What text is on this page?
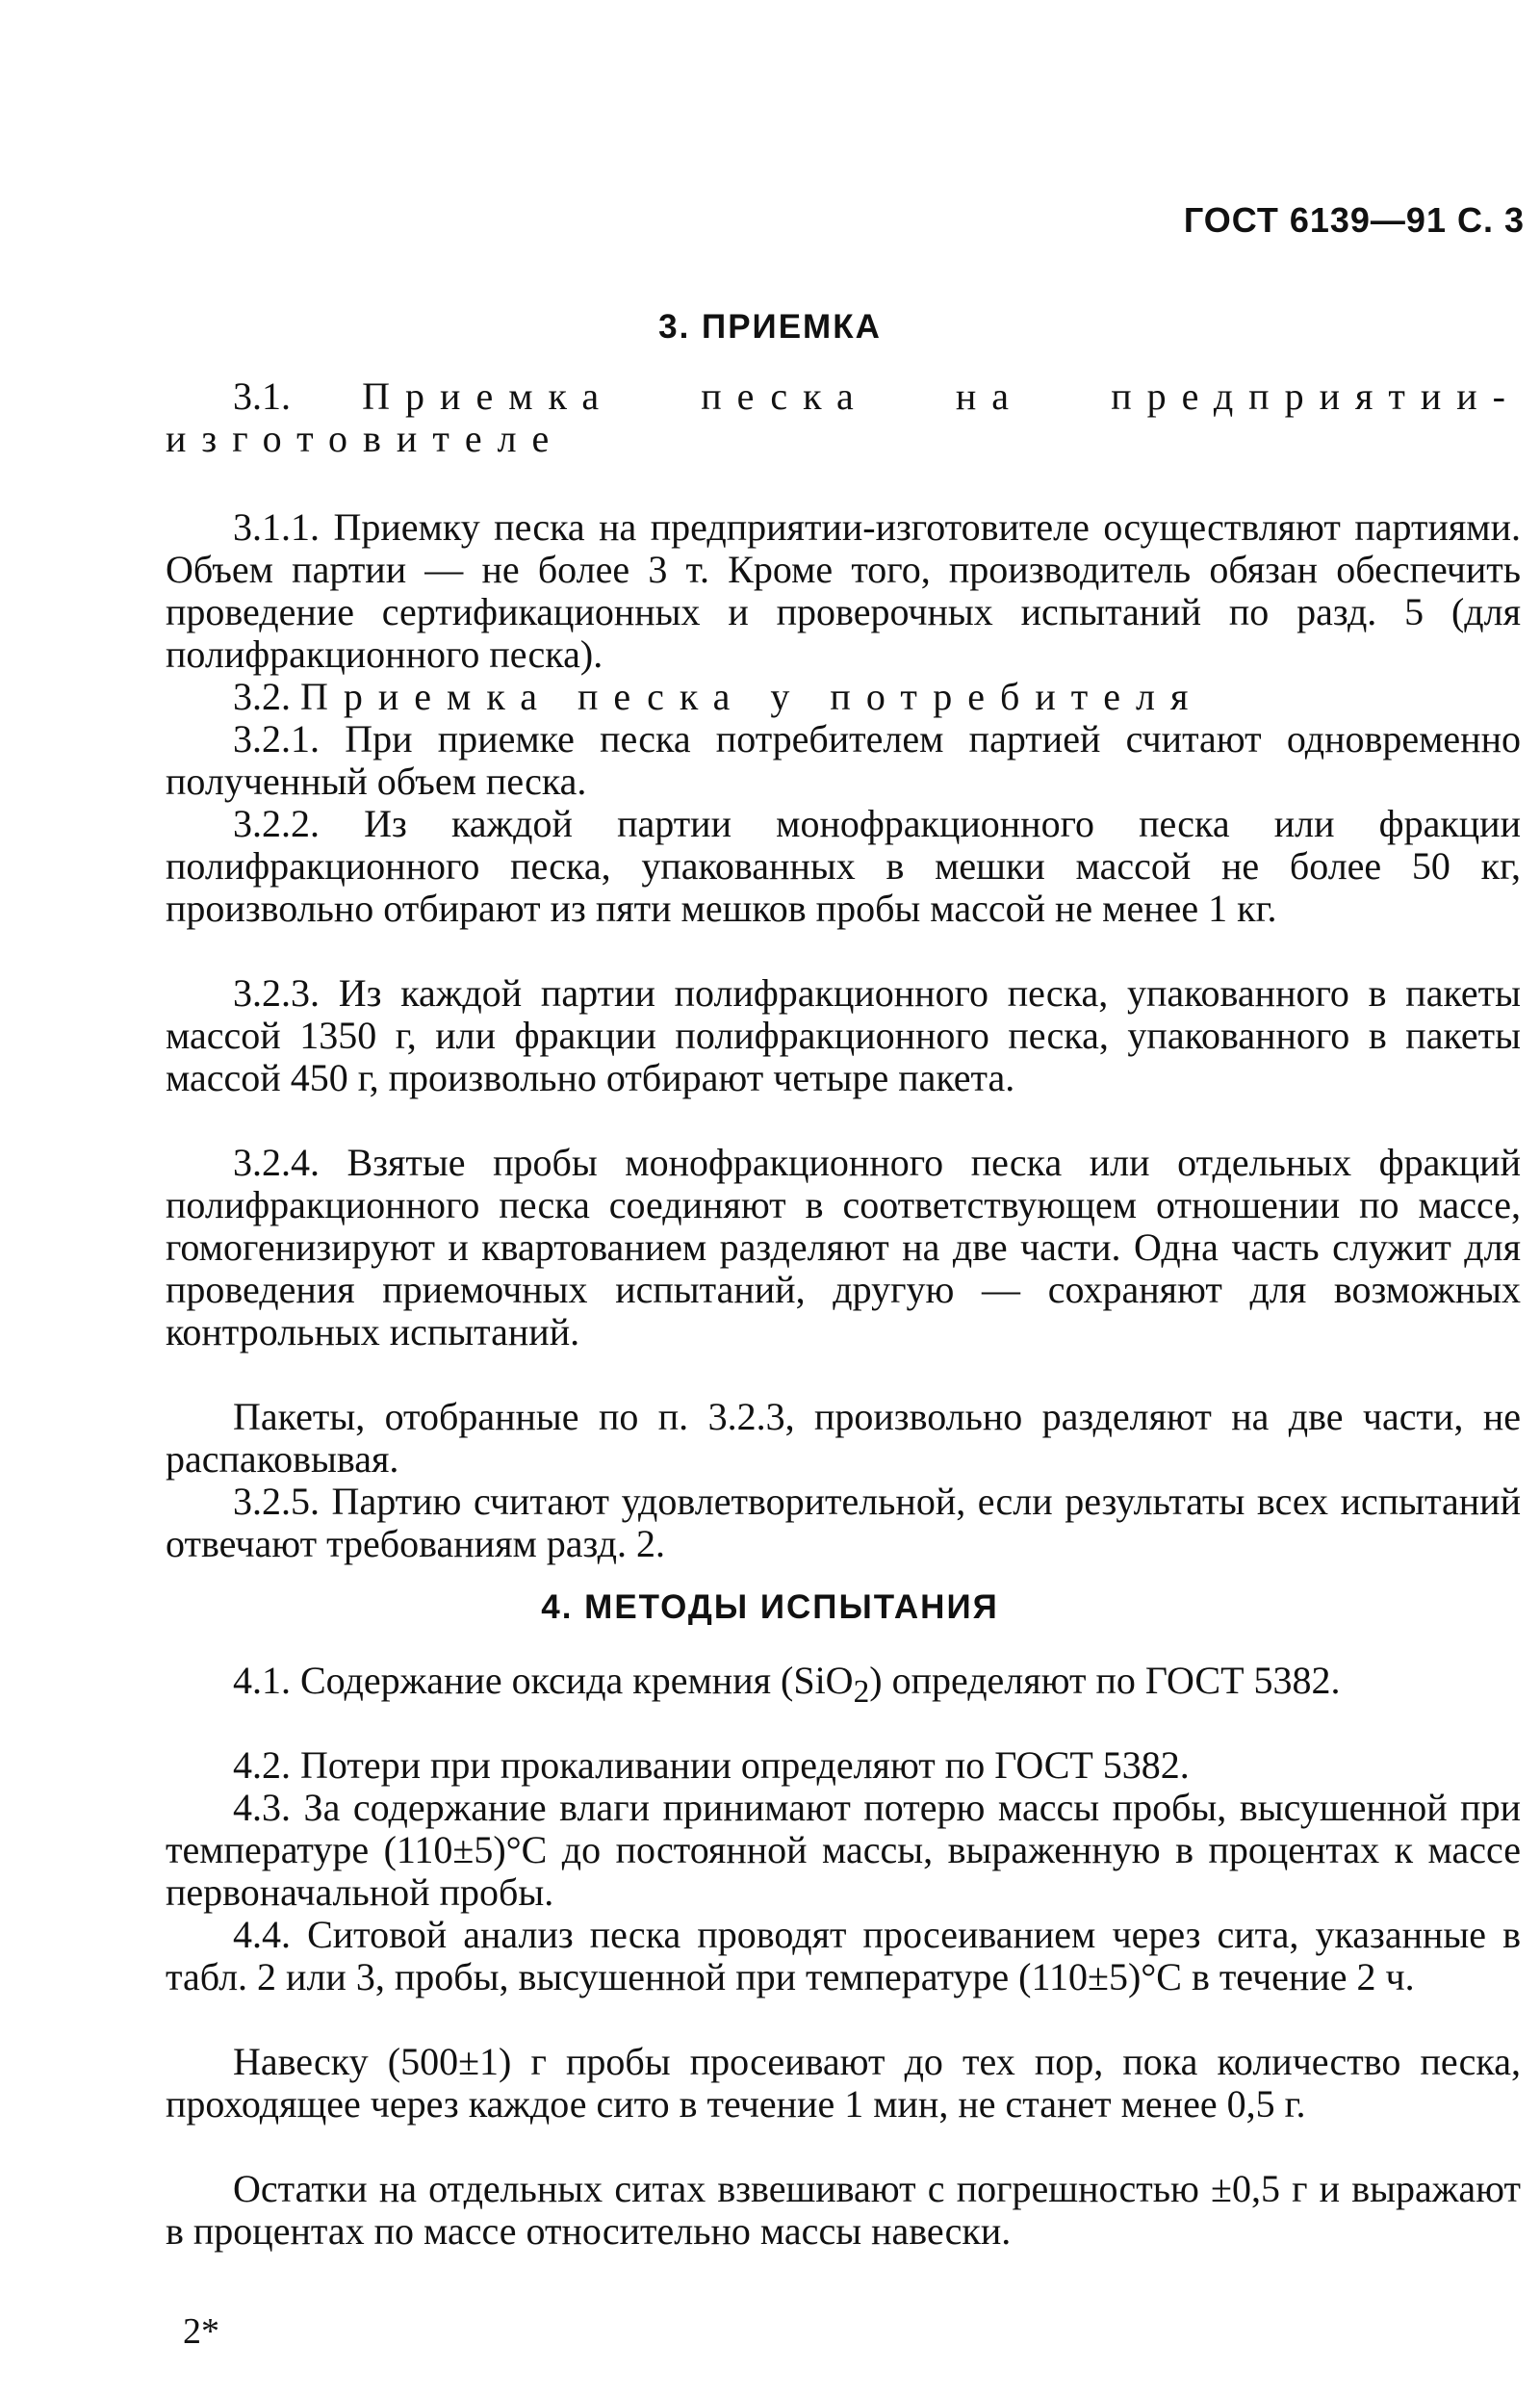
ГОСТ 6139—91 С. 3
3. ПРИЕМКА

3.1. Приемка песка на предприятии-изготовителе

3.1.1. Приемку песка на предприятии-изготовителе осуществляют партиями. Объем партии — не более 3 т. Кроме того, производитель обязан обеспечить проведение сертификационных и проверочных испытаний по разд. 5 (для полифракционного песка).

3.2. Приемка песка у потребителя

3.2.1. При приемке песка потребителем партией считают одновременно полученный объем песка.

3.2.2. Из каждой партии монофракционного песка или фракции полифракционного песка, упакованных в мешки массой не более 50 кг, произвольно отбирают из пяти мешков пробы массой не менее 1 кг.

3.2.3. Из каждой партии полифракционного песка, упакованного в пакеты массой 1350 г, или фракции полифракционного песка, упакованного в пакеты массой 450 г, произвольно отбирают четыре пакета.

3.2.4. Взятые пробы монофракционного песка или отдельных фракций полифракционного песка соединяют в соответствующем отношении по массе, гомогенизируют и квартованием разделяют на две части. Одна часть служит для проведения приемочных испытаний, другую — сохраняют для возможных контрольных испытаний.

Пакеты, отобранные по п. 3.2.3, произвольно разделяют на две части, не распаковывая.

3.2.5. Партию считают удовлетворительной, если результаты всех испытаний отвечают требованиям разд. 2.

4. МЕТОДЫ ИСПЫТАНИЯ

4.1. Содержание оксида кремния (SiO$_2$) определяют по ГОСТ 5382.

4.2. Потери при прокаливании определяют по ГОСТ 5382.

4.3. За содержание влаги принимают потерю массы пробы, высушенной при температуре (110±5)°С до постоянной массы, выраженную в процентах к массе первоначальной пробы.

4.4. Ситовой анализ песка проводят просеиванием через сита, указанные в табл. 2 или 3, пробы, высушенной при температуре (110±5)°С в течение 2 ч.

Навеску (500±1) г пробы просеивают до тех пор, пока количество песка, проходящее через каждое сито в течение 1 мин, не станет менее 0,5 г.

Остатки на отдельных ситах взвешивают с погрешностью ±0,5 г и выражают в процентах по массе относительно массы навески.

2*
